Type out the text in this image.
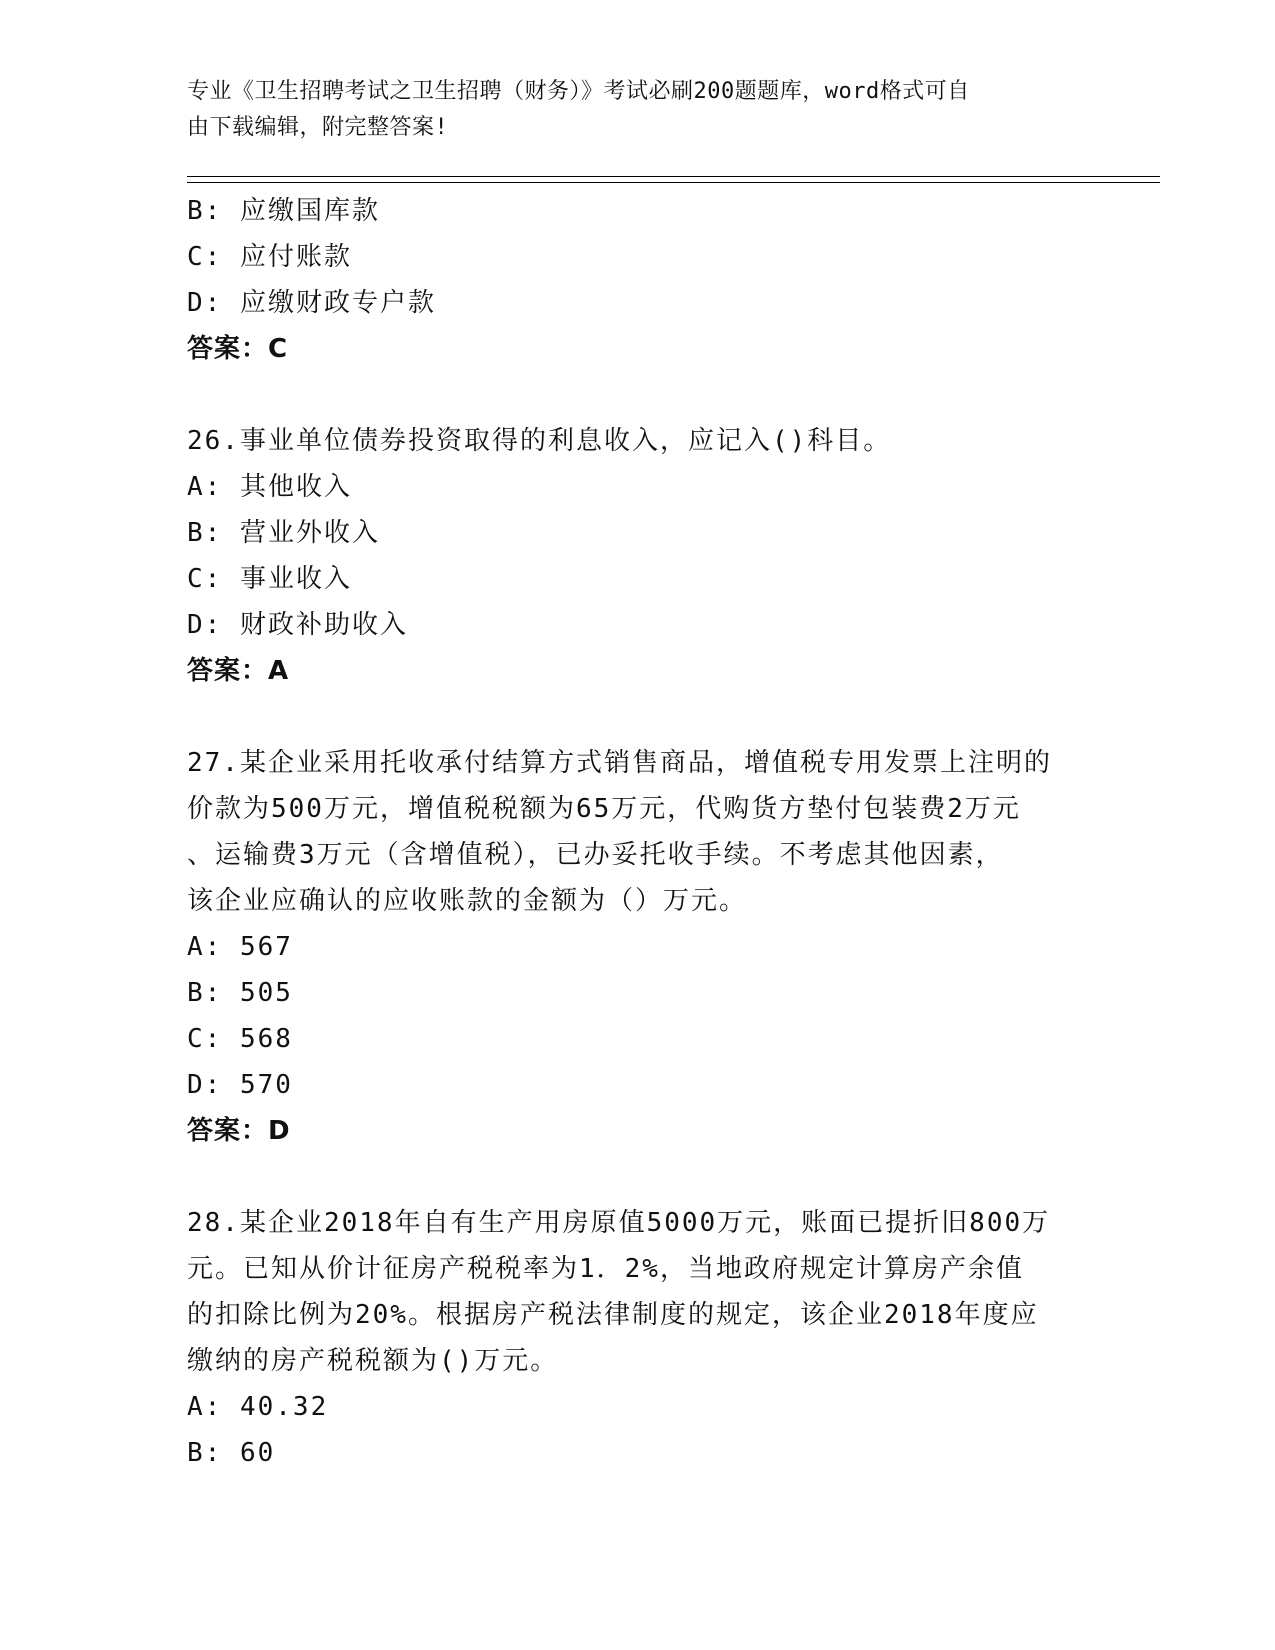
专业《卫生招聘考试之卫生招聘（财务）》考试必刷200题题库，word格式可自
由下载编辑，附完整答案!
B: 应缴国库款
C: 应付账款
D: 应缴财政专户款
答案：C
26.事业单位债券投资取得的利息收入，应记入()科目。
A: 其他收入
B: 营业外收入
C: 事业收入
D: 财政补助收入
答案：A
27.某企业采用托收承付结算方式销售商品，增值税专用发票上注明的
价款为500万元，增值税税额为65万元，代购货方垫付包装费2万元
、运输费3万元（含增值税），已办妥托收手续。不考虑其他因素，
该企业应确认的应收账款的金额为（）万元。
A: 567
B: 505
C: 568
D: 570
答案：D
28.某企业2018年自有生产用房原值5000万元，账面已提折旧800万
元。已知从价计征房产税税率为1．2%，当地政府规定计算房产余值
的扣除比例为20%。根据房产税法律制度的规定，该企业2018年度应
缴纳的房产税税额为()万元。
A: 40.32
B: 60
